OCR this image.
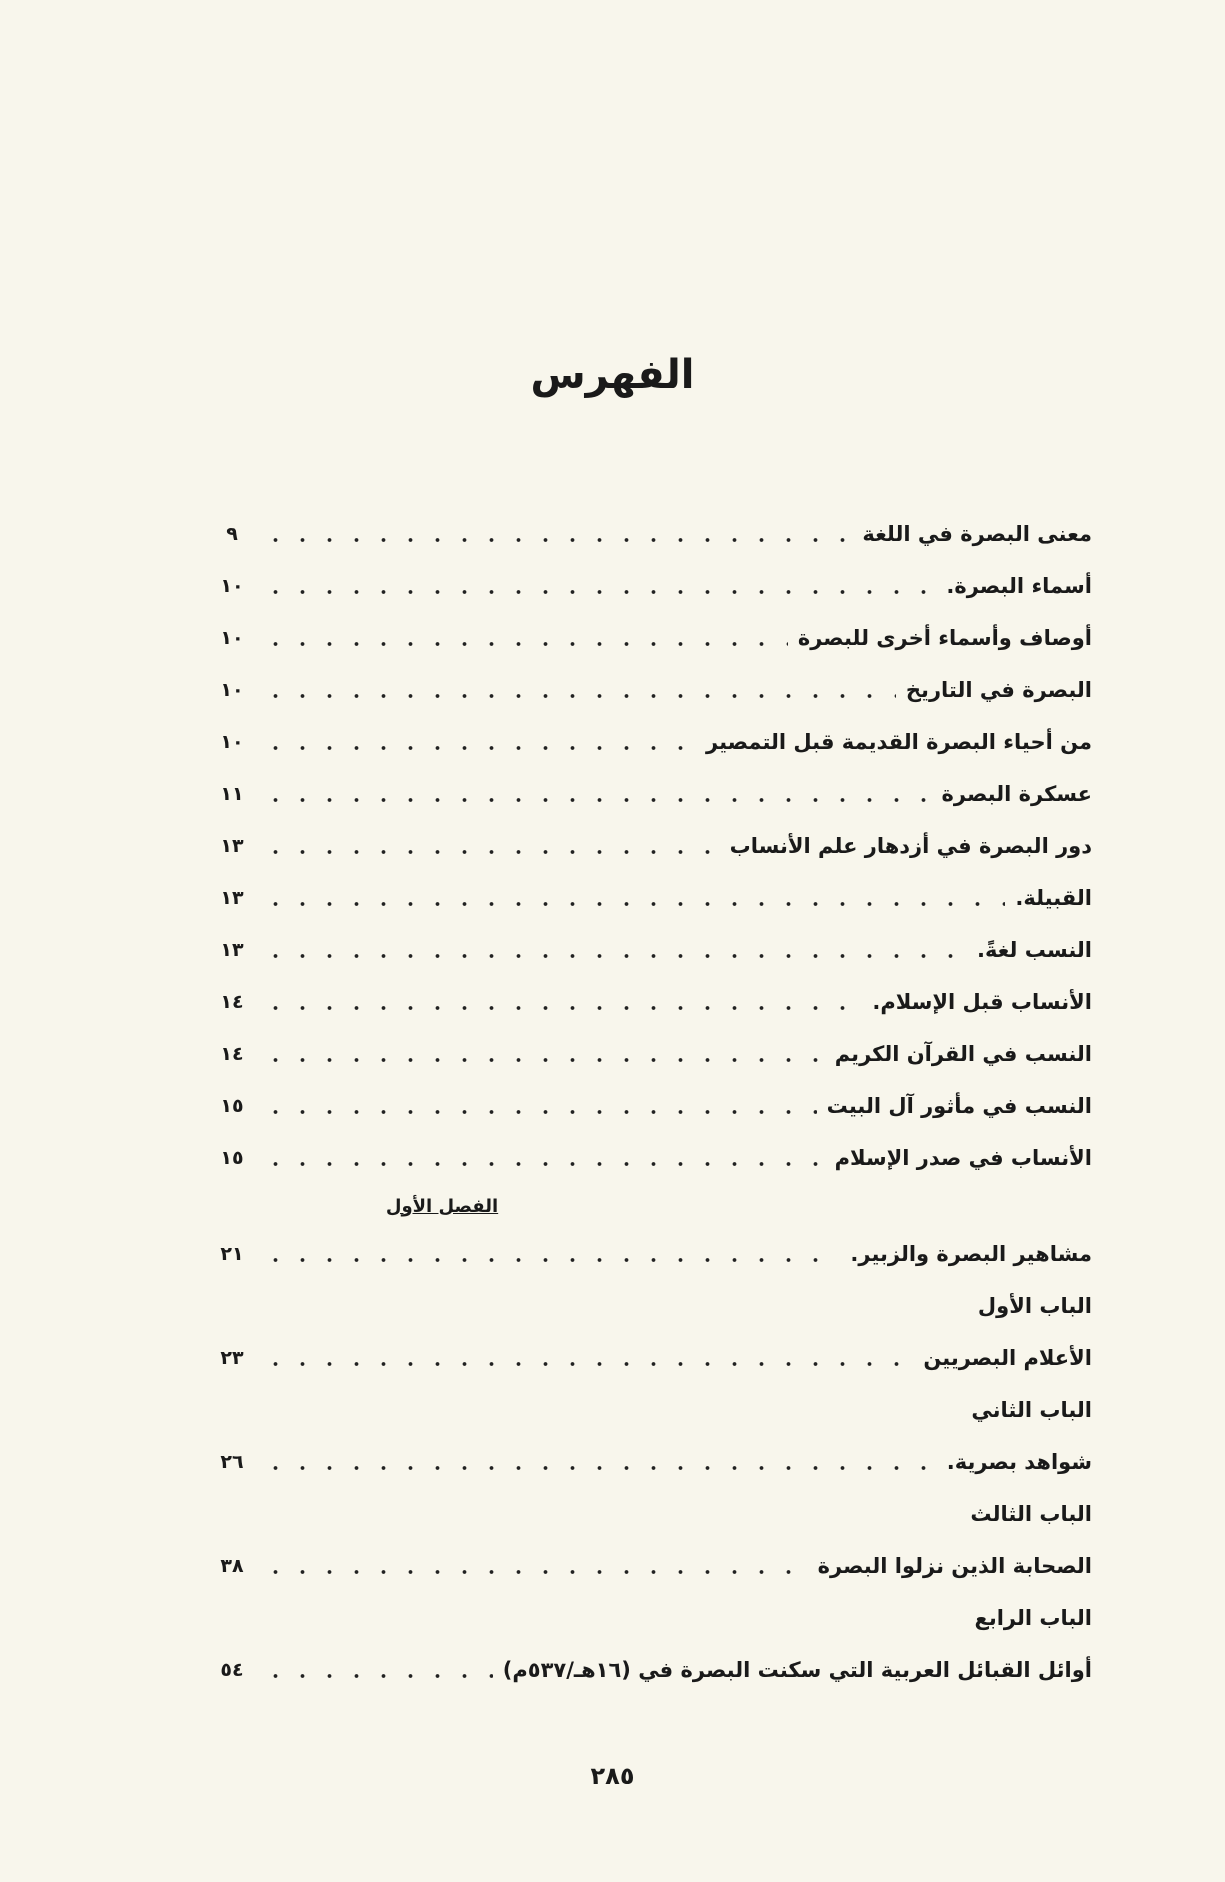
الفهرس
معنى البصرة في اللغة
٩
أسماء البصرة.
١٠
أوصاف وأسماء أخرى للبصرة
١٠
البصرة في التاريخ
١٠
من أحياء البصرة القديمة قبل التمصير
١٠
عسكرة البصرة
١١
دور البصرة في أزدهار علم الأنساب
١٣
القبيلة.
١٣
النسب لغةً.
١٣
الأنساب قبل الإسلام.
١٤
النسب في القرآن الكريم
١٤
النسب في مأثور آل البيت
١٥
الأنساب في صدر الإسلام
١٥
الفصل الأول
مشاهير البصرة والزبير.
٢١
الباب الأول
الأعلام البصريين
٢٣
الباب الثاني
شواهد بصرية.
٢٦
الباب الثالث
الصحابة الذين نزلوا البصرة
٣٨
الباب الرابع
أوائل القبائل العربية التي سكنت البصرة في (١٦هـ/٥٣٧م)
٥٤
٢٨٥
